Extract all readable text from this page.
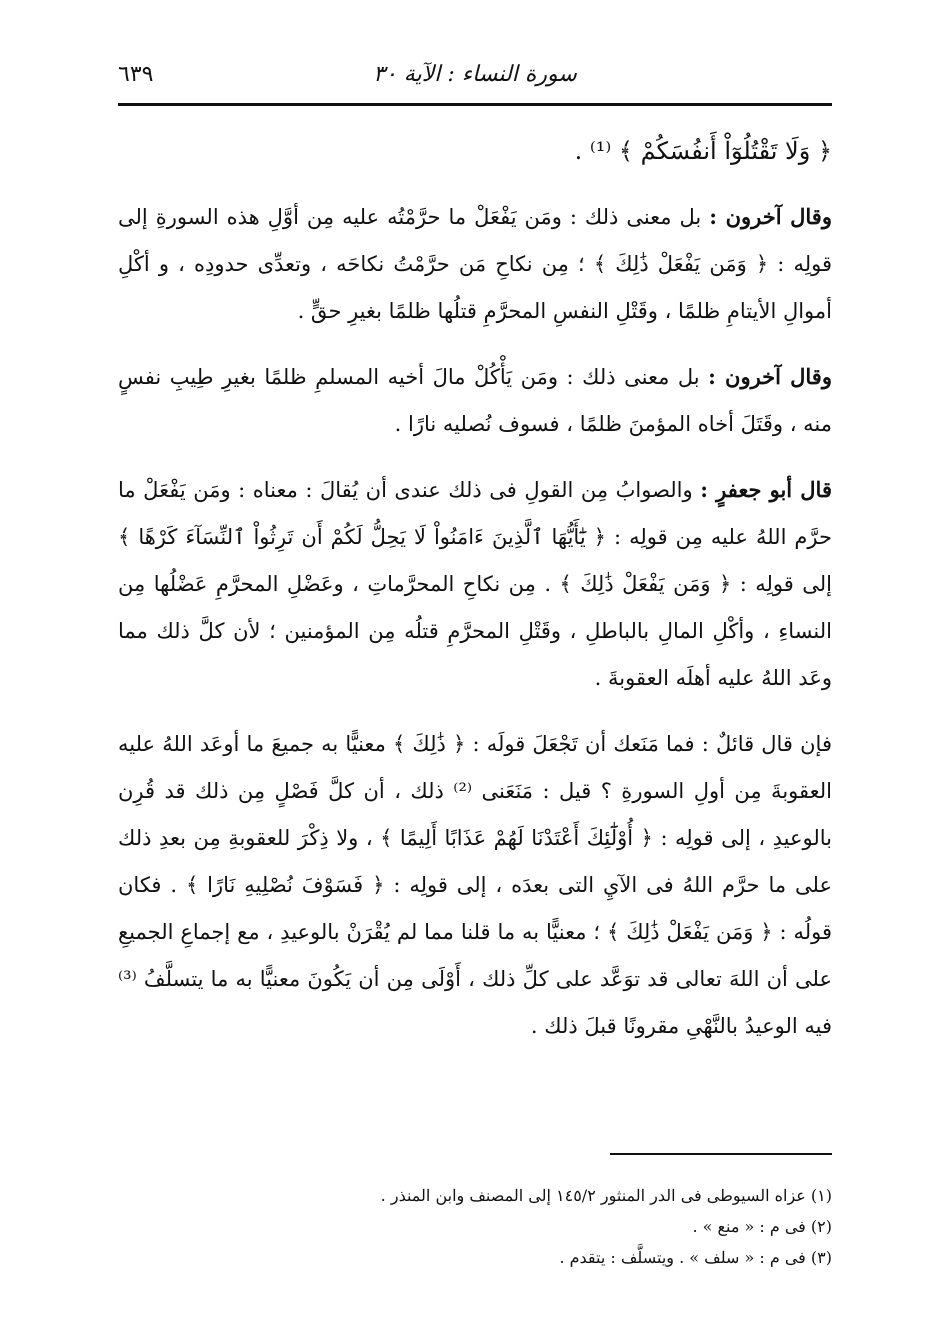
سورة النساء : الآية ٣٠
٦٣٩
﴿ وَلَا تَقْتُلُوٓاْ أَنفُسَكُمْ ﴾ ⁽¹⁾ .

وقال آخرون : بل معنى ذلك : ومَن يَفْعَلْ ما حرَّمْتُه عليه مِن أوَّلِ هذه السورةِ إلى قولِه : ﴿ وَمَن يَفْعَلْ ذَٰلِكَ ﴾ ؛ مِن نكاحِ مَن حرَّمْتُ نكاحَه ، وتعدِّى حدودِه ، و أكْلِ أموالِ الأيتامِ ظلمًا ، وقَتْلِ النفسِ المحرَّمِ قتلُها ظلمًا بغيرِ حقٍّ .

وقال آخرون : بل معنى ذلك : ومَن يَأْكُلْ مالَ أخيه المسلمِ ظلمًا بغيرِ طِيبِ نفسٍ منه ، وقَتَلَ أخاه المؤمنَ ظلمًا ، فسوف نُصليه نارًا .

قال أبو جعفرٍ : والصوابُ مِن القولِ فى ذلك عندى أن يُقالَ : معناه : ومَن يَفْعَلْ ما حرَّم اللهُ عليه مِن قولِه : ﴿ يَٰٓأَيُّهَا ٱلَّذِينَ ءَامَنُواْ لَا يَحِلُّ لَكُمْ أَن تَرِثُواْ ٱلنِّسَآءَ كَرْهًا ﴾ إلى قولِه : ﴿ وَمَن يَفْعَلْ ذَٰلِكَ ﴾ . مِن نكاحِ المحرَّماتِ ، وعَضْلِ المحرَّمِ عَضْلُها مِن النساءِ ، وأكْلِ المالِ بالباطلِ ، وقَتْلِ المحرَّمِ قتلُه مِن المؤمنين ؛ لأن كلَّ ذلك مما وعَد اللهُ عليه أهلَه العقوبةَ .

فإن قال قائلٌ : فما مَنَعك أن تَجْعَلَ قولَه : ﴿ ذَٰلِكَ ﴾ معنيًّا به جميعَ ما أوعَد اللهُ عليه العقوبةَ مِن أولِ السورةِ ؟ قيل : مَنَعَنى ⁽²⁾ ذلك ، أن كلَّ فَصْلٍ مِن ذلك قد قُرِن بالوعيدِ ، إلى قولِه : ﴿ أُوْلَٰٓئِكَ أَعْتَدْنَا لَهُمْ عَذَابًا أَلِيمًا ﴾ ، ولا ذِكْرَ للعقوبةِ مِن بعدِ ذلك على ما حرَّم اللهُ فى الآيِ التى بعدَه ، إلى قولِه : ﴿ فَسَوْفَ نُصْلِيهِ نَارًا ﴾ . فكان قولُه : ﴿ وَمَن يَفْعَلْ ذَٰلِكَ ﴾ ؛ معنيًّا به ما قلنا مما لم يُقْرَنْ بالوعيدِ ، مع إجماعِ الجميعِ على أن اللهَ تعالى قد توَعَّد على كلِّ ذلك ، أَوْلَى مِن أن يَكُونَ معنيًّا به ما يتسلَّفُ ⁽³⁾ فيه الوعيدُ بالنَّهْىِ مقرونًا قبلَ ذلك .

(١) عزاه السيوطى فى الدر المنثور ١٤٥/٢ إلى المصنف وابن المنذر .
(٢) فى م : « منع » .
(٣) فى م : « سلف » . ويتسلَّف : يتقدم .
